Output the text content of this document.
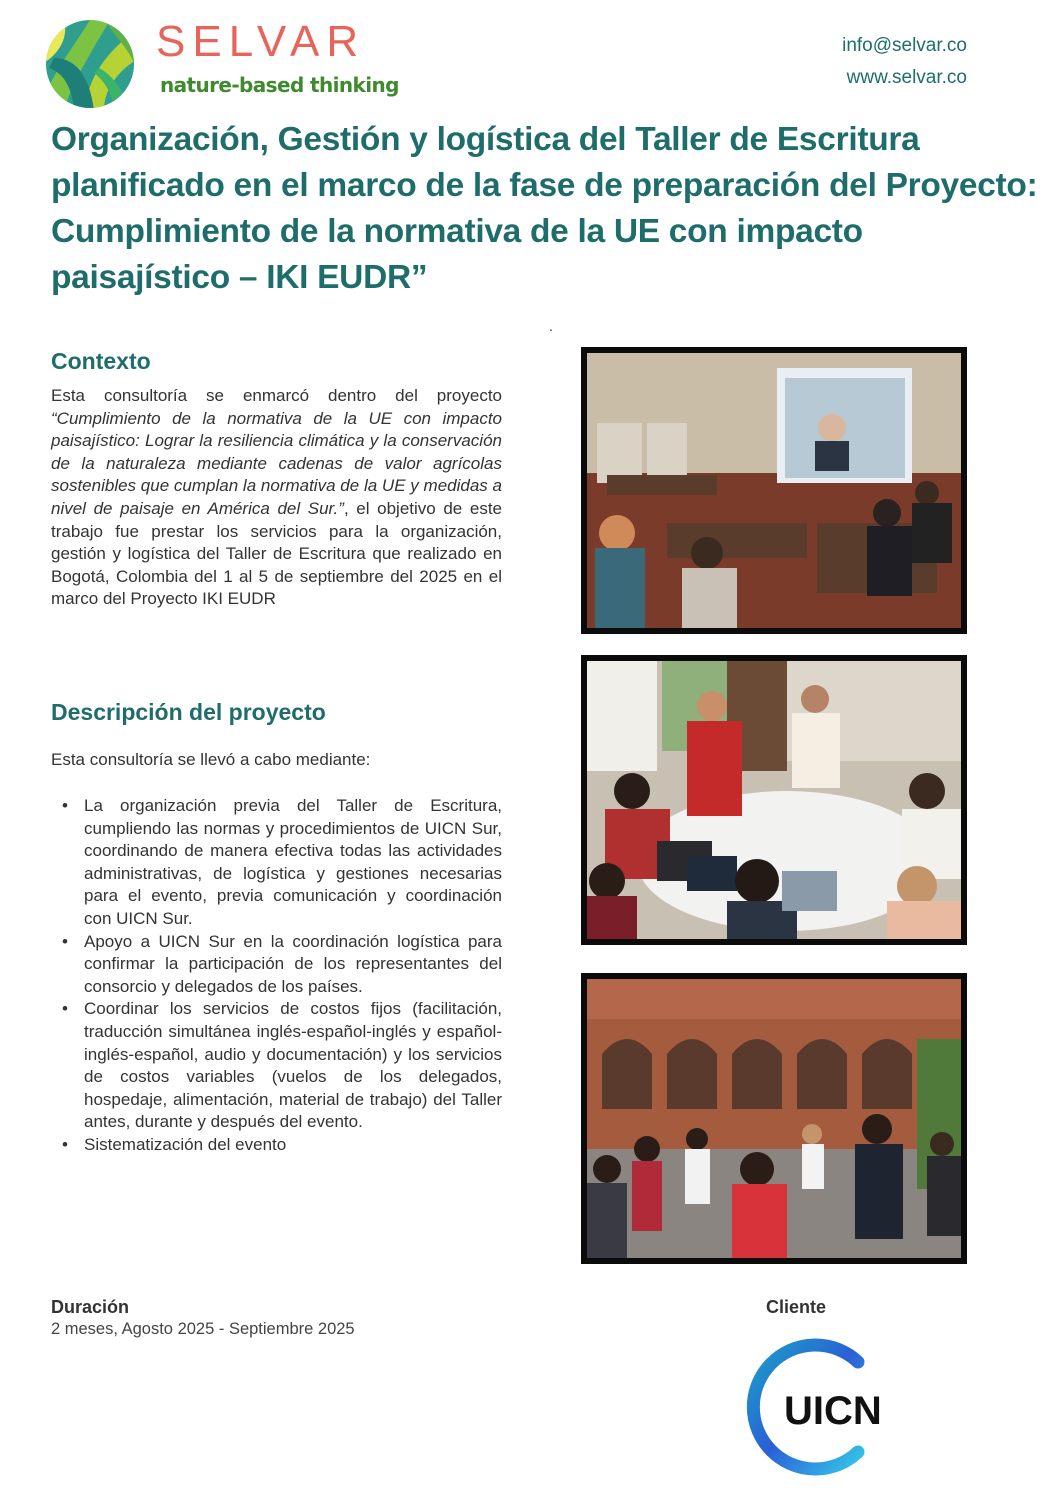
SELVAR
nature-based thinking
info@selvar.co
www.selvar.co
Organización, Gestión y logística del Taller de Escritura planificado en el marco de la fase de preparación del Proyecto: Cumplimiento de la normativa de la UE con impacto paisajístico – IKI EUDR”
.
Contexto
Esta consultoría se enmarcó dentro del proyecto “Cumplimiento de la normativa de la UE con impacto paisajístico: Lograr la resiliencia climática y la conservación de la naturaleza mediante cadenas de valor agrícolas sostenibles que cumplan la normativa de la UE y medidas a nivel de paisaje en América del Sur.”, el objetivo de este trabajo fue prestar los servicios para la organización, gestión y logística del Taller de Escritura que realizado en Bogotá, Colombia del 1 al 5 de septiembre del 2025 en el marco del Proyecto IKI EUDR
Descripción del proyecto
Esta consultoría se llevó a cabo mediante:
• La organización previa del Taller de Escritura, cumpliendo las normas y procedimientos de UICN Sur, coordinando de manera efectiva todas las actividades administrativas, de logística y gestiones necesarias para el evento, previa comunicación y coordinación con UICN Sur.
• Apoyo a UICN Sur en la coordinación logística para confirmar la participación de los representantes del consorcio y delegados de los países.
• Coordinar los servicios de costos fijos (facilitación, traducción simultánea inglés-español-inglés y español-inglés-español, audio y documentación) y los servicios de costos variables (vuelos de los delegados, hospedaje, alimentación, material de trabajo) del Taller antes, durante y después del evento.
• Sistematización del evento
Duración
2 meses, Agosto 2025 - Septiembre 2025
Cliente
UICN
